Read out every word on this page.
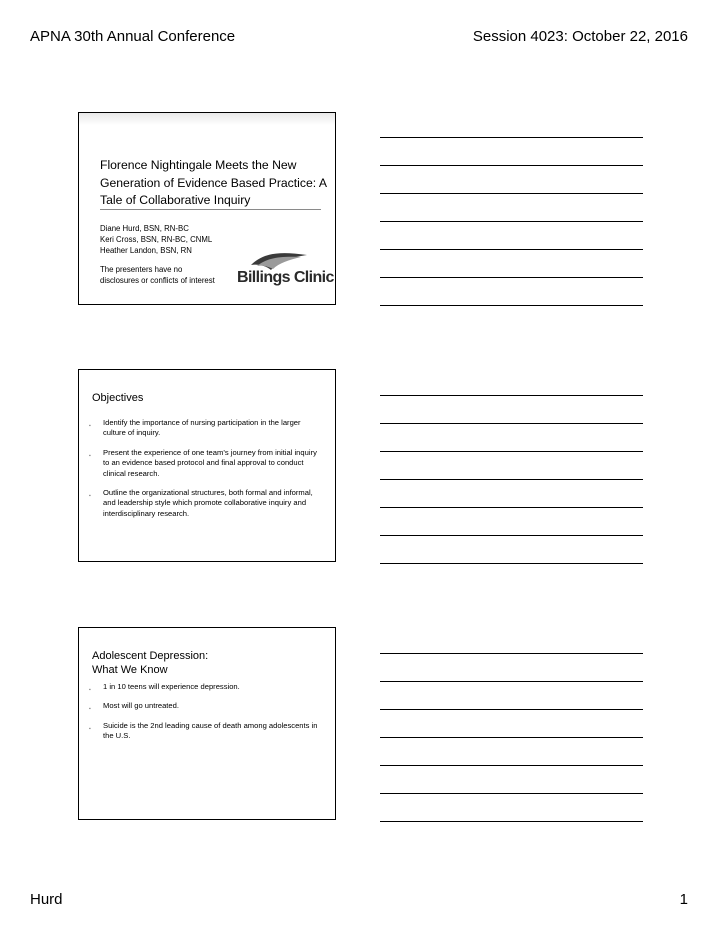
APNA 30th Annual Conference	Session 4023: October 22, 2016
Florence Nightingale Meets the New Generation of Evidence Based Practice: A Tale of Collaborative Inquiry
Diane Hurd, BSN, RN-BC
Keri Cross, BSN, RN-BC, CNML
Heather Landon, BSN, RN
The presenters have no disclosures or conflicts of interest	Billings Clinic
Objectives
▪ Identify the importance of nursing participation in the larger culture of inquiry.
▪ Present the experience of one team’s journey from initial inquiry to an evidence based protocol and final approval to conduct clinical research.
▪ Outline the organizational structures, both formal and informal, and leadership style which promote collaborative inquiry and interdisciplinary research.
Adolescent Depression:
What We Know
▪ 1 in 10 teens will experience depression.
▪ Most will go untreated.
▪ Suicide is the 2nd leading cause of death among adolescents in the U.S.
Hurd	1
